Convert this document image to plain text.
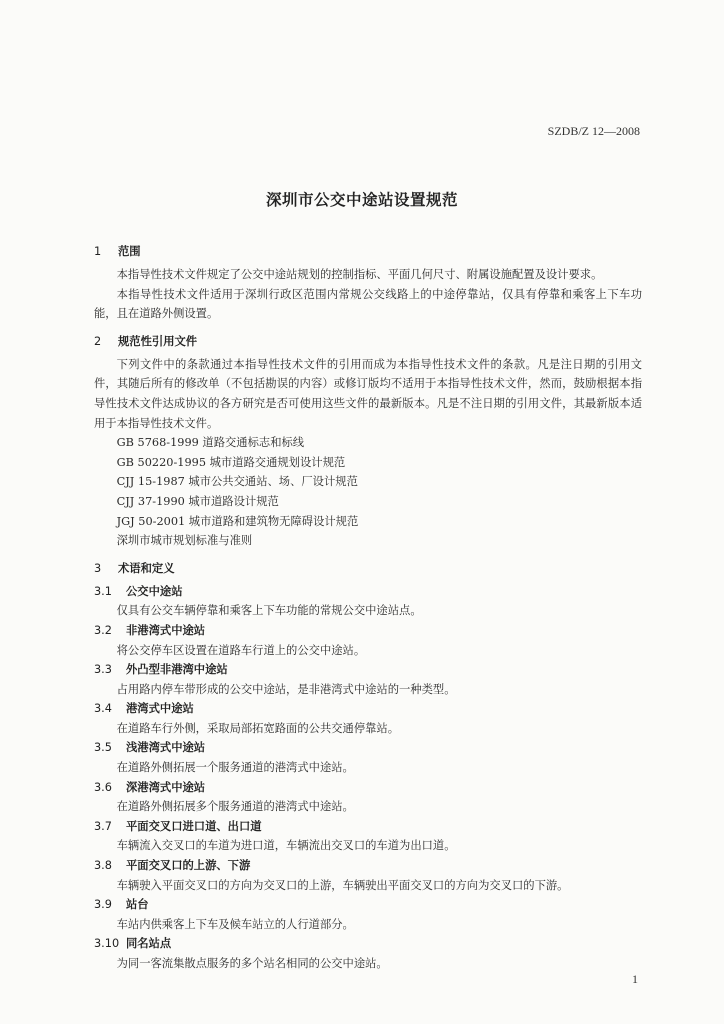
SZDB/Z 12—2008
深圳市公交中途站设置规范
1 范围
本指导性技术文件规定了公交中途站规划的控制指标、平面几何尺寸、附属设施配置及设计要求。
本指导性技术文件适用于深圳行政区范围内常规公交线路上的中途停靠站，仅具有停靠和乘客上下车功能，且在道路外侧设置。
2 规范性引用文件
下列文件中的条款通过本指导性技术文件的引用而成为本指导性技术文件的条款。凡是注日期的引用文件，其随后所有的修改单（不包括勘误的内容）或修订版均不适用于本指导性技术文件，然而，鼓励根据本指导性技术文件达成协议的各方研究是否可使用这些文件的最新版本。凡是不注日期的引用文件，其最新版本适用于本指导性技术文件。
GB 5768-1999 道路交通标志和标线
GB 50220-1995 城市道路交通规划设计规范
CJJ 15-1987 城市公共交通站、场、厂设计规范
CJJ 37-1990 城市道路设计规范
JGJ 50-2001 城市道路和建筑物无障碍设计规范
深圳市城市规划标准与准则
3 术语和定义
3.1 公交中途站
仅具有公交车辆停靠和乘客上下车功能的常规公交中途站点。
3.2 非港湾式中途站
将公交停车区设置在道路车行道上的公交中途站。
3.3 外凸型非港湾中途站
占用路内停车带形成的公交中途站，是非港湾式中途站的一种类型。
3.4 港湾式中途站
在道路车行外侧，采取局部拓宽路面的公共交通停靠站。
3.5 浅港湾式中途站
在道路外侧拓展一个服务通道的港湾式中途站。
3.6 深港湾式中途站
在道路外侧拓展多个服务通道的港湾式中途站。
3.7 平面交叉口进口道、出口道
车辆流入交叉口的车道为进口道，车辆流出交叉口的车道为出口道。
3.8 平面交叉口的上游、下游
车辆驶入平面交叉口的方向为交叉口的上游，车辆驶出平面交叉口的方向为交叉口的下游。
3.9 站台
车站内供乘客上下车及候车站立的人行道部分。
3.10 同名站点
为同一客流集散点服务的多个站名相同的公交中途站。
1
